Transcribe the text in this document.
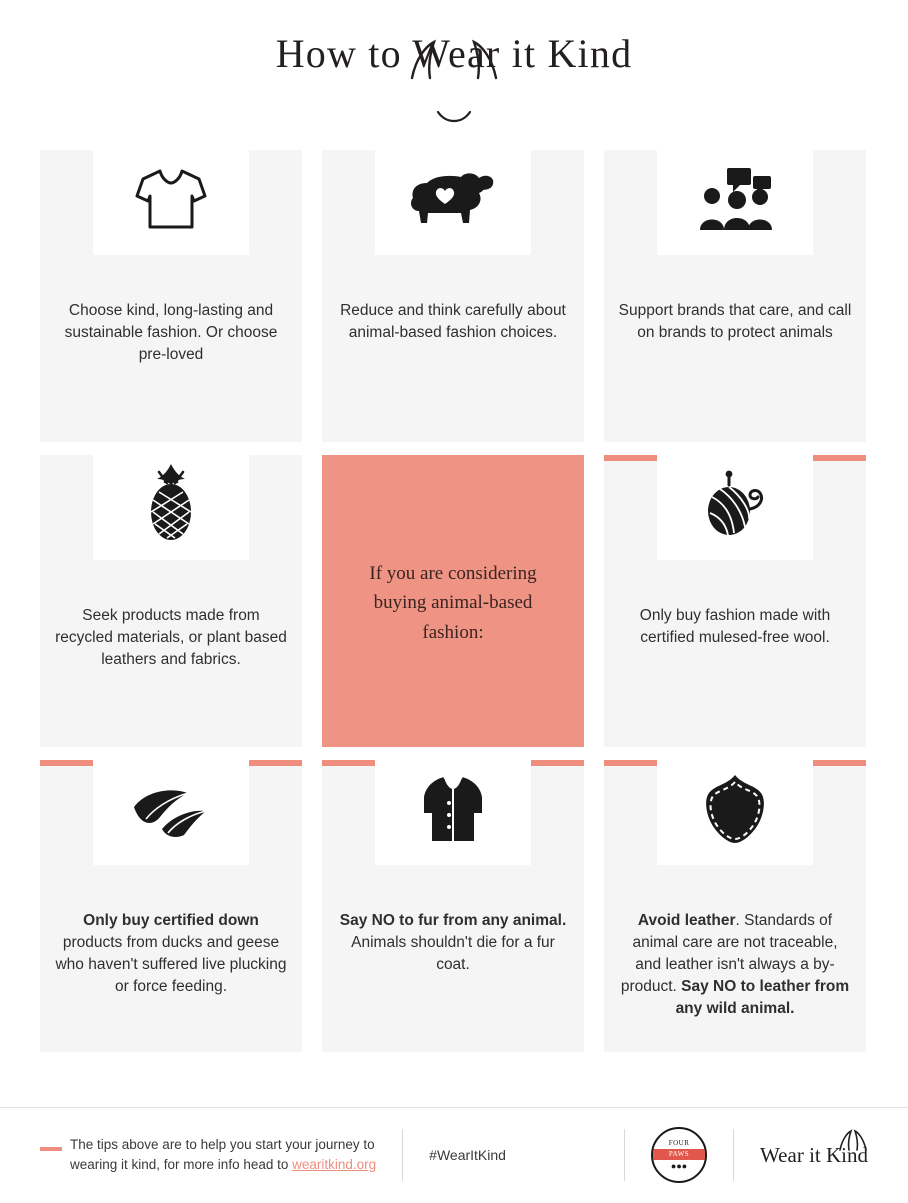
How to Wear it Kind
Choose kind, long-lasting and sustainable fashion. Or choose pre-loved
Reduce and think carefully about animal-based fashion choices.
Support brands that care, and call on brands to protect animals
Seek products made from recycled materials, or plant based leathers and fabrics.
If you are considering buying animal-based fashion:
Only buy fashion made with certified mulesed-free wool.
Only buy certified down products from ducks and geese who haven't suffered live plucking or force feeding.
Say NO to fur from any animal. Animals shouldn't die for a fur coat.
Avoid leather. Standards of animal care are not traceable, and leather isn't always a by-product. Say NO to leather from any wild animal.
The tips above are to help you start your journey to
wearing it kind, for more info head to wearitkind.org
#WearItKind
FOUR
PAWS
●●●	Wear it Kind
